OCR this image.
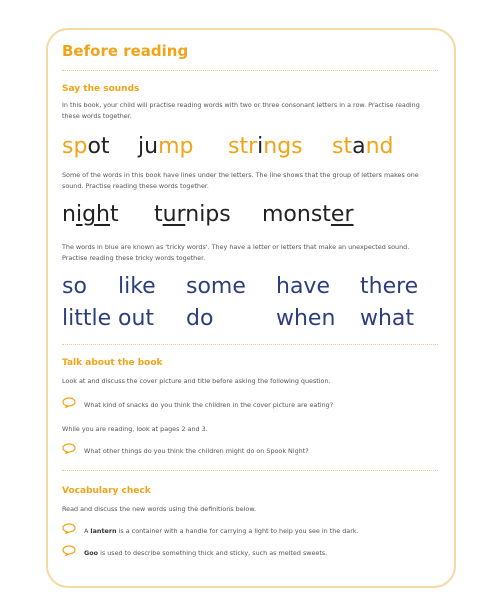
Before reading
Say the sounds
In this book, your child will practise reading words with two or three consonant letters in a row. Practise reading these words together.
spot jump strings stand
Some of the words in this book have lines under the letters. The line shows that the group of letters makes one sound. Practise reading these words together.
night turnips monster
The words in blue are known as 'tricky words'. They have a letter or letters that make an unexpected sound. Practise reading these tricky words together.
so like some have there
little out do	when what
Talk about the book
Look at and discuss the cover picture and title before asking the following question.
What kind of snacks do you think the children in the cover picture are eating?
While you are reading, look at pages 2 and 3.
What other things do you think the children might do on Spook Night?
Vocabulary check
Read and discuss the new words using the definitions below.
A lantern is a container with a handle for carrying a light to help you see in the dark.
Goo is used to describe something thick and sticky, such as melted sweets.
